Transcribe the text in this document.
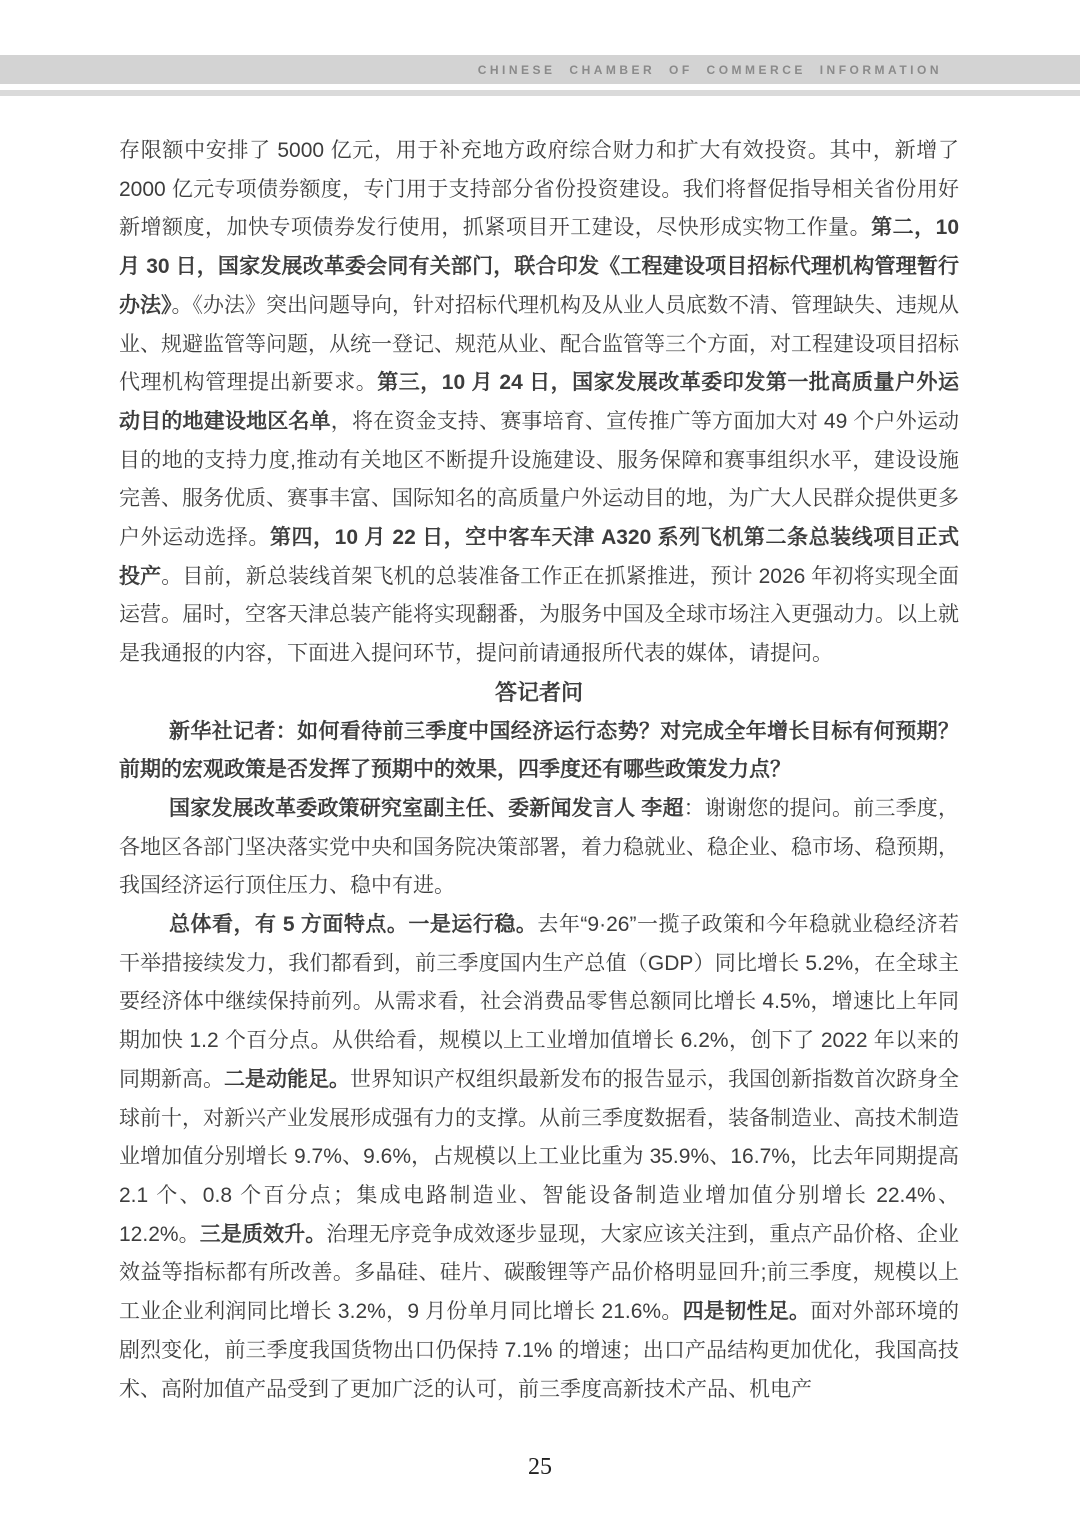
CHINESE CHAMBER OF COMMERCE INFORMATION

存限额中安排了 5000 亿元，用于补充地方政府综合财力和扩大有效投资。其中，新增了 2000 亿元专项债券额度，专门用于支持部分省份投资建设。我们将督促指导相关省份用好新增额度，加快专项债券发行使用，抓紧项目开工建设，尽快形成实物工作量。第二，10 月 30 日，国家发展改革委会同有关部门，联合印发《工程建设项目招标代理机构管理暂行办法》。《办法》突出问题导向，针对招标代理机构及从业人员底数不清、管理缺失、违规从业、规避监管等问题，从统一登记、规范从业、配合监管等三个方面，对工程建设项目招标代理机构管理提出新要求。第三，10 月 24 日，国家发展改革委印发第一批高质量户外运动目的地建设地区名单，将在资金支持、赛事培育、宣传推广等方面加大对 49 个户外运动目的地的支持力度,推动有关地区不断提升设施建设、服务保障和赛事组织水平，建设设施完善、服务优质、赛事丰富、国际知名的高质量户外运动目的地，为广大人民群众提供更多户外运动选择。第四，10 月 22 日，空中客车天津 A320 系列飞机第二条总装线项目正式投产。目前，新总装线首架飞机的总装准备工作正在抓紧推进，预计 2026 年初将实现全面运营。届时，空客天津总装产能将实现翻番，为服务中国及全球市场注入更强动力。以上就是我通报的内容，下面进入提问环节，提问前请通报所代表的媒体，请提问。

答记者问

新华社记者：如何看待前三季度中国经济运行态势？对完成全年增长目标有何预期？前期的宏观政策是否发挥了预期中的效果，四季度还有哪些政策发力点？

国家发展改革委政策研究室副主任、委新闻发言人 李超：谢谢您的提问。前三季度，各地区各部门坚决落实党中央和国务院决策部署，着力稳就业、稳企业、稳市场、稳预期，我国经济运行顶住压力、稳中有进。

总体看，有 5 方面特点。一是运行稳。去年“9·26”一揽子政策和今年稳就业稳经济若干举措接续发力，我们都看到，前三季度国内生产总值（GDP）同比增长 5.2%，在全球主要经济体中继续保持前列。从需求看，社会消费品零售总额同比增长 4.5%，增速比上年同期加快 1.2 个百分点。从供给看，规模以上工业增加值增长 6.2%，创下了 2022 年以来的同期新高。二是动能足。世界知识产权组织最新发布的报告显示，我国创新指数首次跻身全球前十，对新兴产业发展形成强有力的支撑。从前三季度数据看，装备制造业、高技术制造业增加值分别增长 9.7%、9.6%，占规模以上工业比重为 35.9%、16.7%，比去年同期提高 2.1 个、0.8 个百分点；集成电路制造业、智能设备制造业增加值分别增长 22.4%、12.2%。三是质效升。治理无序竞争成效逐步显现，大家应该关注到，重点产品价格、企业效益等指标都有所改善。多晶硅、硅片、碳酸锂等产品价格明显回升;前三季度，规模以上工业企业利润同比增长 3.2%，9 月份单月同比增长 21.6%。四是韧性足。面对外部环境的剧烈变化，前三季度我国货物出口仍保持 7.1% 的增速；出口产品结构更加优化，我国高技术、高附加值产品受到了更加广泛的认可，前三季度高新技术产品、机电产

25
